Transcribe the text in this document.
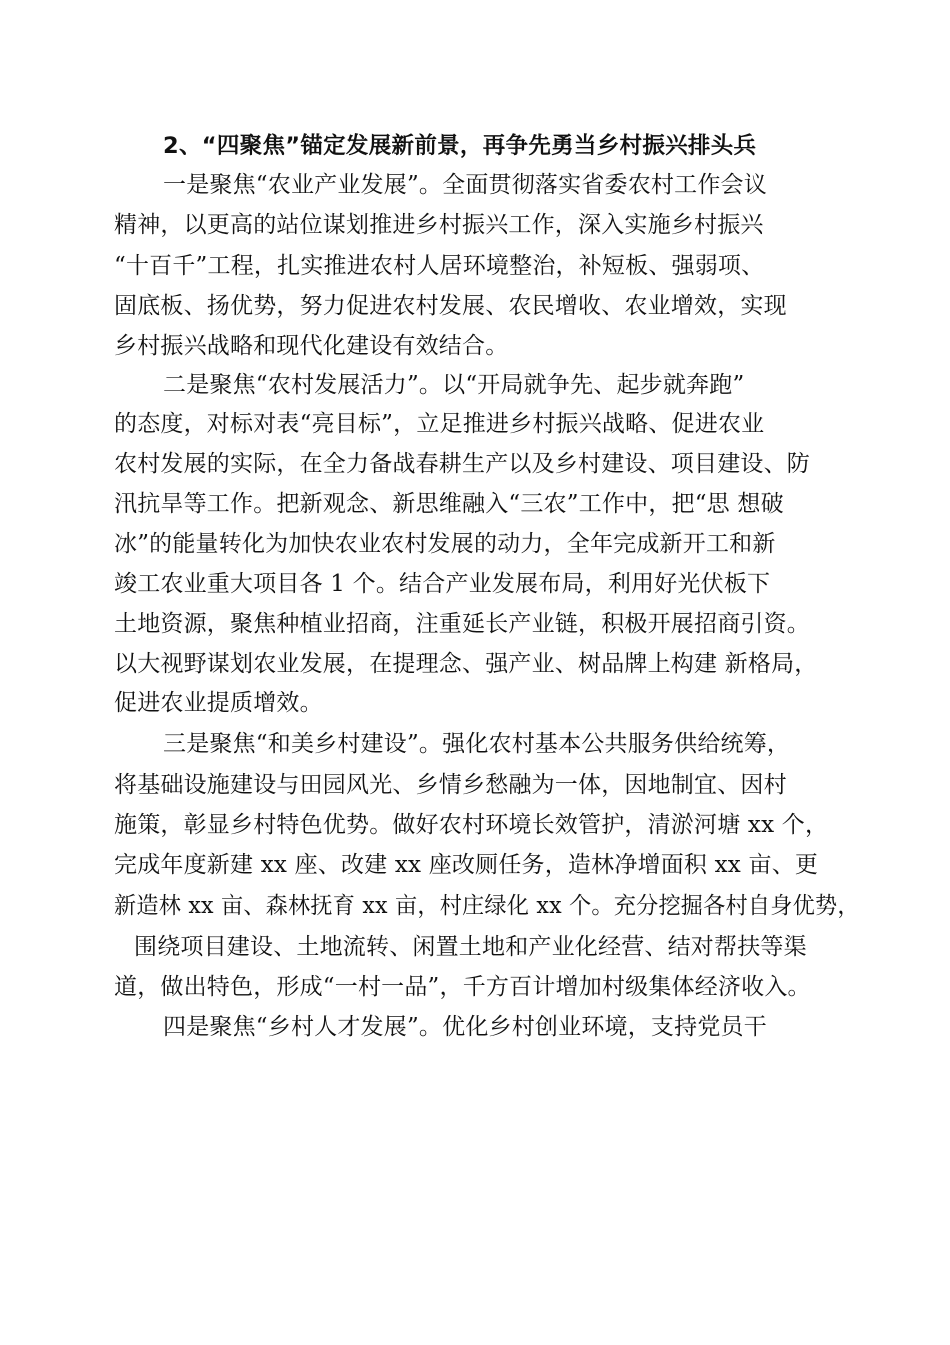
2、“四聚焦”锚定发展新前景，再争先勇当乡村振兴排头兵
一是聚焦“农业产业发展”。全面贯彻落实省委农村工作会议
精神，以更高的站位谋划推进乡村振兴工作，深入实施乡村振兴
“十百千”工程，扎实推进农村人居环境整治，补短板、强弱项、
固底板、扬优势，努力促进农村发展、农民增收、农业增效，实现
乡村振兴战略和现代化建设有效结合。
二是聚焦“农村发展活力”。以“开局就争先、起步就奔跑”
的态度，对标对表“亮目标”，立足推进乡村振兴战略、促进农业
农村发展的实际，在全力备战春耕生产以及乡村建设、项目建设、防
汛抗旱等工作。把新观念、新思维融入“三农”工作中，把“思 想破
冰”的能量转化为加快农业农村发展的动力，全年完成新开工和新
竣工农业重大项目各 1 个。结合产业发展布局，利用好光伏板下
土地资源，聚焦种植业招商，注重延长产业链，积极开展招商引资。
以大视野谋划农业发展，在提理念、强产业、树品牌上构建 新格局，
促进农业提质增效。
三是聚焦“和美乡村建设”。强化农村基本公共服务供给统筹，
将基础设施建设与田园风光、乡情乡愁融为一体，因地制宜、因村
施策，彰显乡村特色优势。做好农村环境长效管护，清淤河塘 xx 个，
完成年度新建 xx 座、改建 xx 座改厕任务，造林净增面积 xx 亩、更
新造林 xx 亩、森林抚育 xx 亩，村庄绿化 xx 个。充分挖掘各村自身优势，
围绕项目建设、土地流转、闲置土地和产业化经营、结对帮扶等渠
道，做出特色，形成“一村一品”，千方百计增加村级集体经济收入。
四是聚焦“乡村人才发展”。优化乡村创业环境，支持党员干
